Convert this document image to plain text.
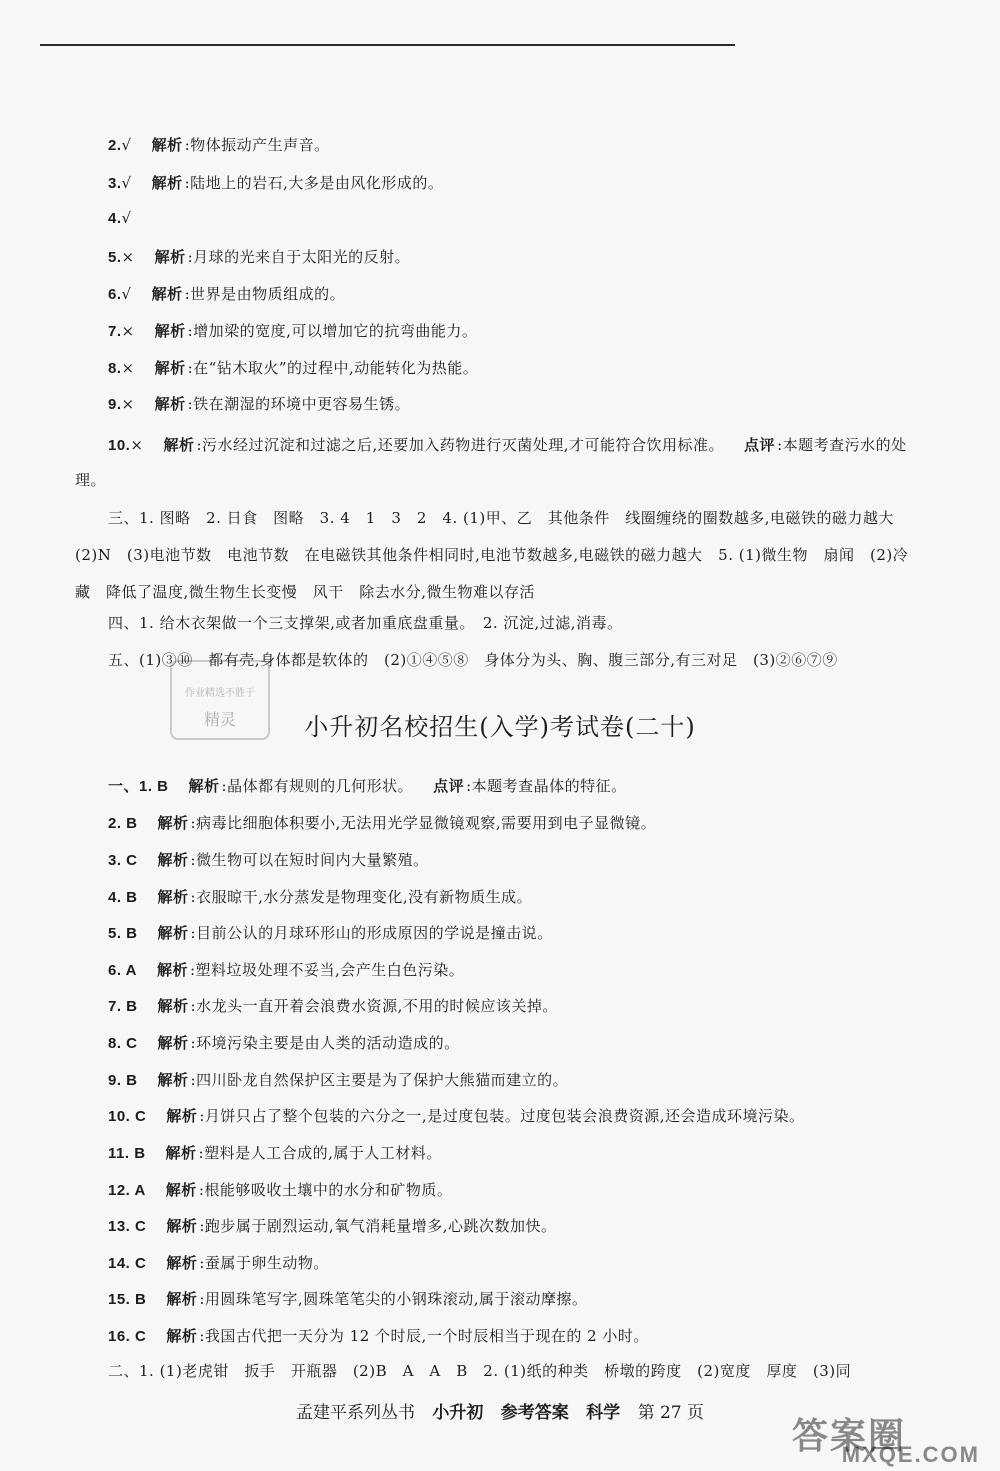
2.√ 解析 :物体振动产生声音。
3.√ 解析 :陆地上的岩石,大多是由风化形成的。
4.√
5.× 解析 :月球的光来自于太阳光的反射。
6.√ 解析 :世界是由物质组成的。
7.× 解析 :增加梁的宽度,可以增加它的抗弯曲能力。
8.× 解析 :在“钻木取火”的过程中,动能转化为热能。
9.× 解析 :铁在潮湿的环境中更容易生锈。
10.× 解析 :污水经过沉淀和过滤之后,还要加入药物进行灭菌处理,才可能符合饮用标准。 点评 :本题考查污水的处理。
三、1. 图略　2. 日食　图略　3. 4　1　3　2　4. (1)甲、乙　其他条件　线圈缠绕的圈数越多,电磁铁的磁力越大　(2)N　(3)电池节数　电池节数　在电磁铁其他条件相同时,电池节数越多,电磁铁的磁力越大　5. (1)微生物　扇闻　(2)冷藏　降低了温度,微生物生长变慢　风干　除去水分,微生物难以存活
四、1. 给木衣架做一个三支撑架,或者加重底盘重量。　2. 沉淀,过滤,消毒。
五、(1)③⑩　都有壳,身体都是软体的　(2)①④⑤⑧　身体分为头、胸、腹三部分,有三对足　(3)②⑥⑦⑨
作业精选不胜于
精灵	小升初名校招生(入学)考试卷(二十)
一、1. B 解析 :晶体都有规则的几何形状。 点评 :本题考查晶体的特征。
2. B 解析 :病毒比细胞体积要小,无法用光学显微镜观察,需要用到电子显微镜。
3. C 解析 :微生物可以在短时间内大量繁殖。
4. B 解析 :衣服晾干,水分蒸发是物理变化,没有新物质生成。
5. B 解析 :目前公认的月球环形山的形成原因的学说是撞击说。
6. A 解析 :塑料垃圾处理不妥当,会产生白色污染。
7. B 解析 :水龙头一直开着会浪费水资源,不用的时候应该关掉。
8. C 解析 :环境污染主要是由人类的活动造成的。
9. B 解析 :四川卧龙自然保护区主要是为了保护大熊猫而建立的。
10. C 解析 :月饼只占了整个包装的六分之一,是过度包装。过度包装会浪费资源,还会造成环境污染。
11. B 解析 :塑料是人工合成的,属于人工材料。
12. A 解析 :根能够吸收土壤中的水分和矿物质。
13. C 解析 :跑步属于剧烈运动,氧气消耗量增多,心跳次数加快。
14. C 解析 :蚕属于卵生动物。
15. B 解析 :用圆珠笔写字,圆珠笔笔尖的小钢珠滚动,属于滚动摩擦。
16. C 解析 :我国古代把一天分为 12 个时辰,一个时辰相当于现在的 2 小时。
二、1. (1)老虎钳　扳手　开瓶器　(2)B　A　A　B　2. (1)纸的种类　桥墩的跨度　(2)宽度　厚度　(3)同
孟建平系列丛书 小升初 参考答案 科学 第 27 页
答案圈
MXQE.COM
